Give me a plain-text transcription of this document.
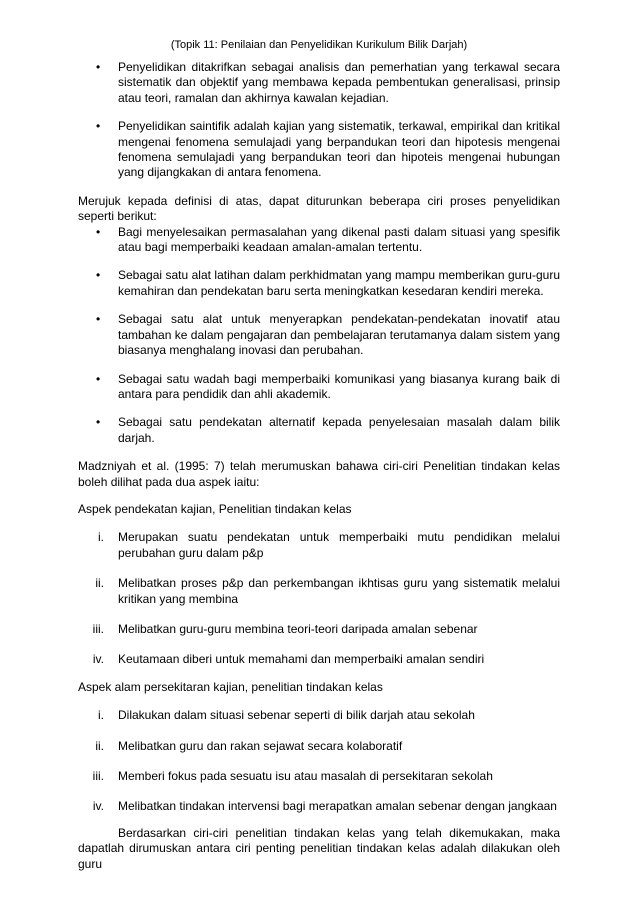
(Topik 11: Penilaian dan Penyelidikan Kurikulum Bilik Darjah)
• Penyelidikan ditakrifkan sebagai analisis dan pemerhatian yang terkawal secara sistematik dan objektif yang membawa kepada pembentukan generalisasi, prinsip atau teori, ramalan dan akhirnya kawalan kejadian.
• Penyelidikan saintifik adalah kajian yang sistematik, terkawal, empirikal dan kritikal mengenai fenomena semulajadi yang berpandukan teori dan hipotesis mengenai fenomena semulajadi yang berpandukan teori dan hipoteis mengenai hubungan yang dijangkakan di antara fenomena.

Merujuk kepada definisi di atas, dapat diturunkan beberapa ciri proses penyelidikan seperti berikut:

• Bagi menyelesaikan permasalahan yang dikenal pasti dalam situasi yang spesifik atau bagi memperbaiki keadaan amalan-amalan tertentu.
• Sebagai satu alat latihan dalam perkhidmatan yang mampu memberikan guru-guru kemahiran dan pendekatan baru serta meningkatkan kesedaran kendiri mereka.
• Sebagai satu alat untuk menyerapkan pendekatan-pendekatan inovatif atau tambahan ke dalam pengajaran dan pembelajaran terutamanya dalam sistem yang biasanya menghalang inovasi dan perubahan.
• Sebagai satu wadah bagi memperbaiki komunikasi yang biasanya kurang baik di antara para pendidik dan ahli akademik.
• Sebagai satu pendekatan alternatif kepada penyelesaian masalah dalam bilik darjah.

Madzniyah et al. (1995: 7) telah merumuskan bahawa ciri-ciri Penelitian tindakan kelas boleh dilihat pada dua aspek iaitu:

Aspek pendekatan kajian, Penelitian tindakan kelas

i. Merupakan suatu pendekatan untuk memperbaiki mutu pendidikan melalui perubahan guru dalam p&p
ii. Melibatkan proses p&p dan perkembangan ikhtisas guru yang sistematik melalui kritikan yang membina
iii. Melibatkan guru-guru membina teori-teori daripada amalan sebenar
iv. Keutamaan diberi untuk memahami dan memperbaiki amalan sendiri

Aspek alam persekitaran kajian, penelitian tindakan kelas

i. Dilakukan dalam situasi sebenar seperti di bilik darjah atau sekolah
ii. Melibatkan guru dan rakan sejawat secara kolaboratif
iii. Memberi fokus pada sesuatu isu atau masalah di persekitaran sekolah
iv. Melibatkan tindakan intervensi bagi merapatkan amalan sebenar dengan jangkaan

Berdasarkan ciri-ciri penelitian tindakan kelas yang telah dikemukakan, maka dapatlah dirumuskan antara ciri penting penelitian tindakan kelas adalah dilakukan oleh guru
